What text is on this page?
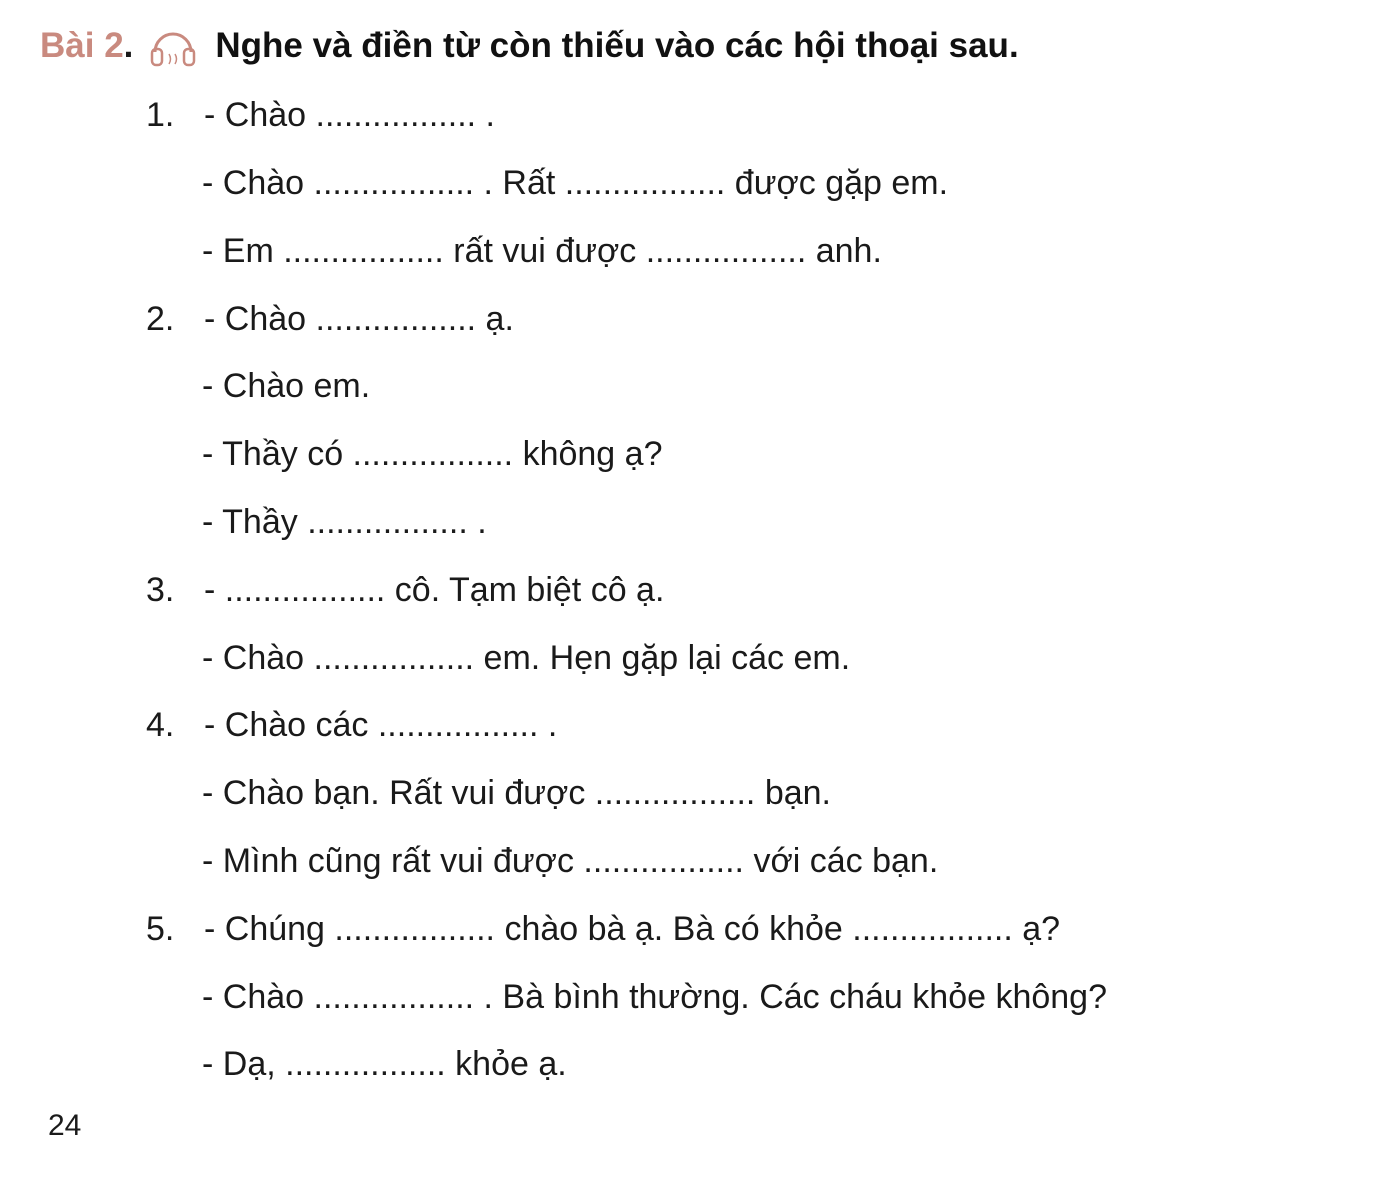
Bài 2 . Nghe và điền từ còn thiếu vào các hội thoại sau.
1. - Chào ................. .
- Chào ................. . Rất ................. được gặp em.
- Em ................. rất vui được ................. anh.
2. - Chào ................. ạ.
- Chào em.
- Thầy có ................. không ạ?
- Thầy ................. .
3. - ................. cô. Tạm biệt cô ạ.
- Chào ................. em. Hẹn gặp lại các em.
4. - Chào các ................. .
- Chào bạn. Rất vui được ................. bạn.
- Mình cũng rất vui được ................. với các bạn.
5. - Chúng ................. chào bà ạ. Bà có khỏe ................. ạ?
- Chào ................. . Bà bình thường. Các cháu khỏe không?
- Dạ, ................. khỏe ạ.
24
